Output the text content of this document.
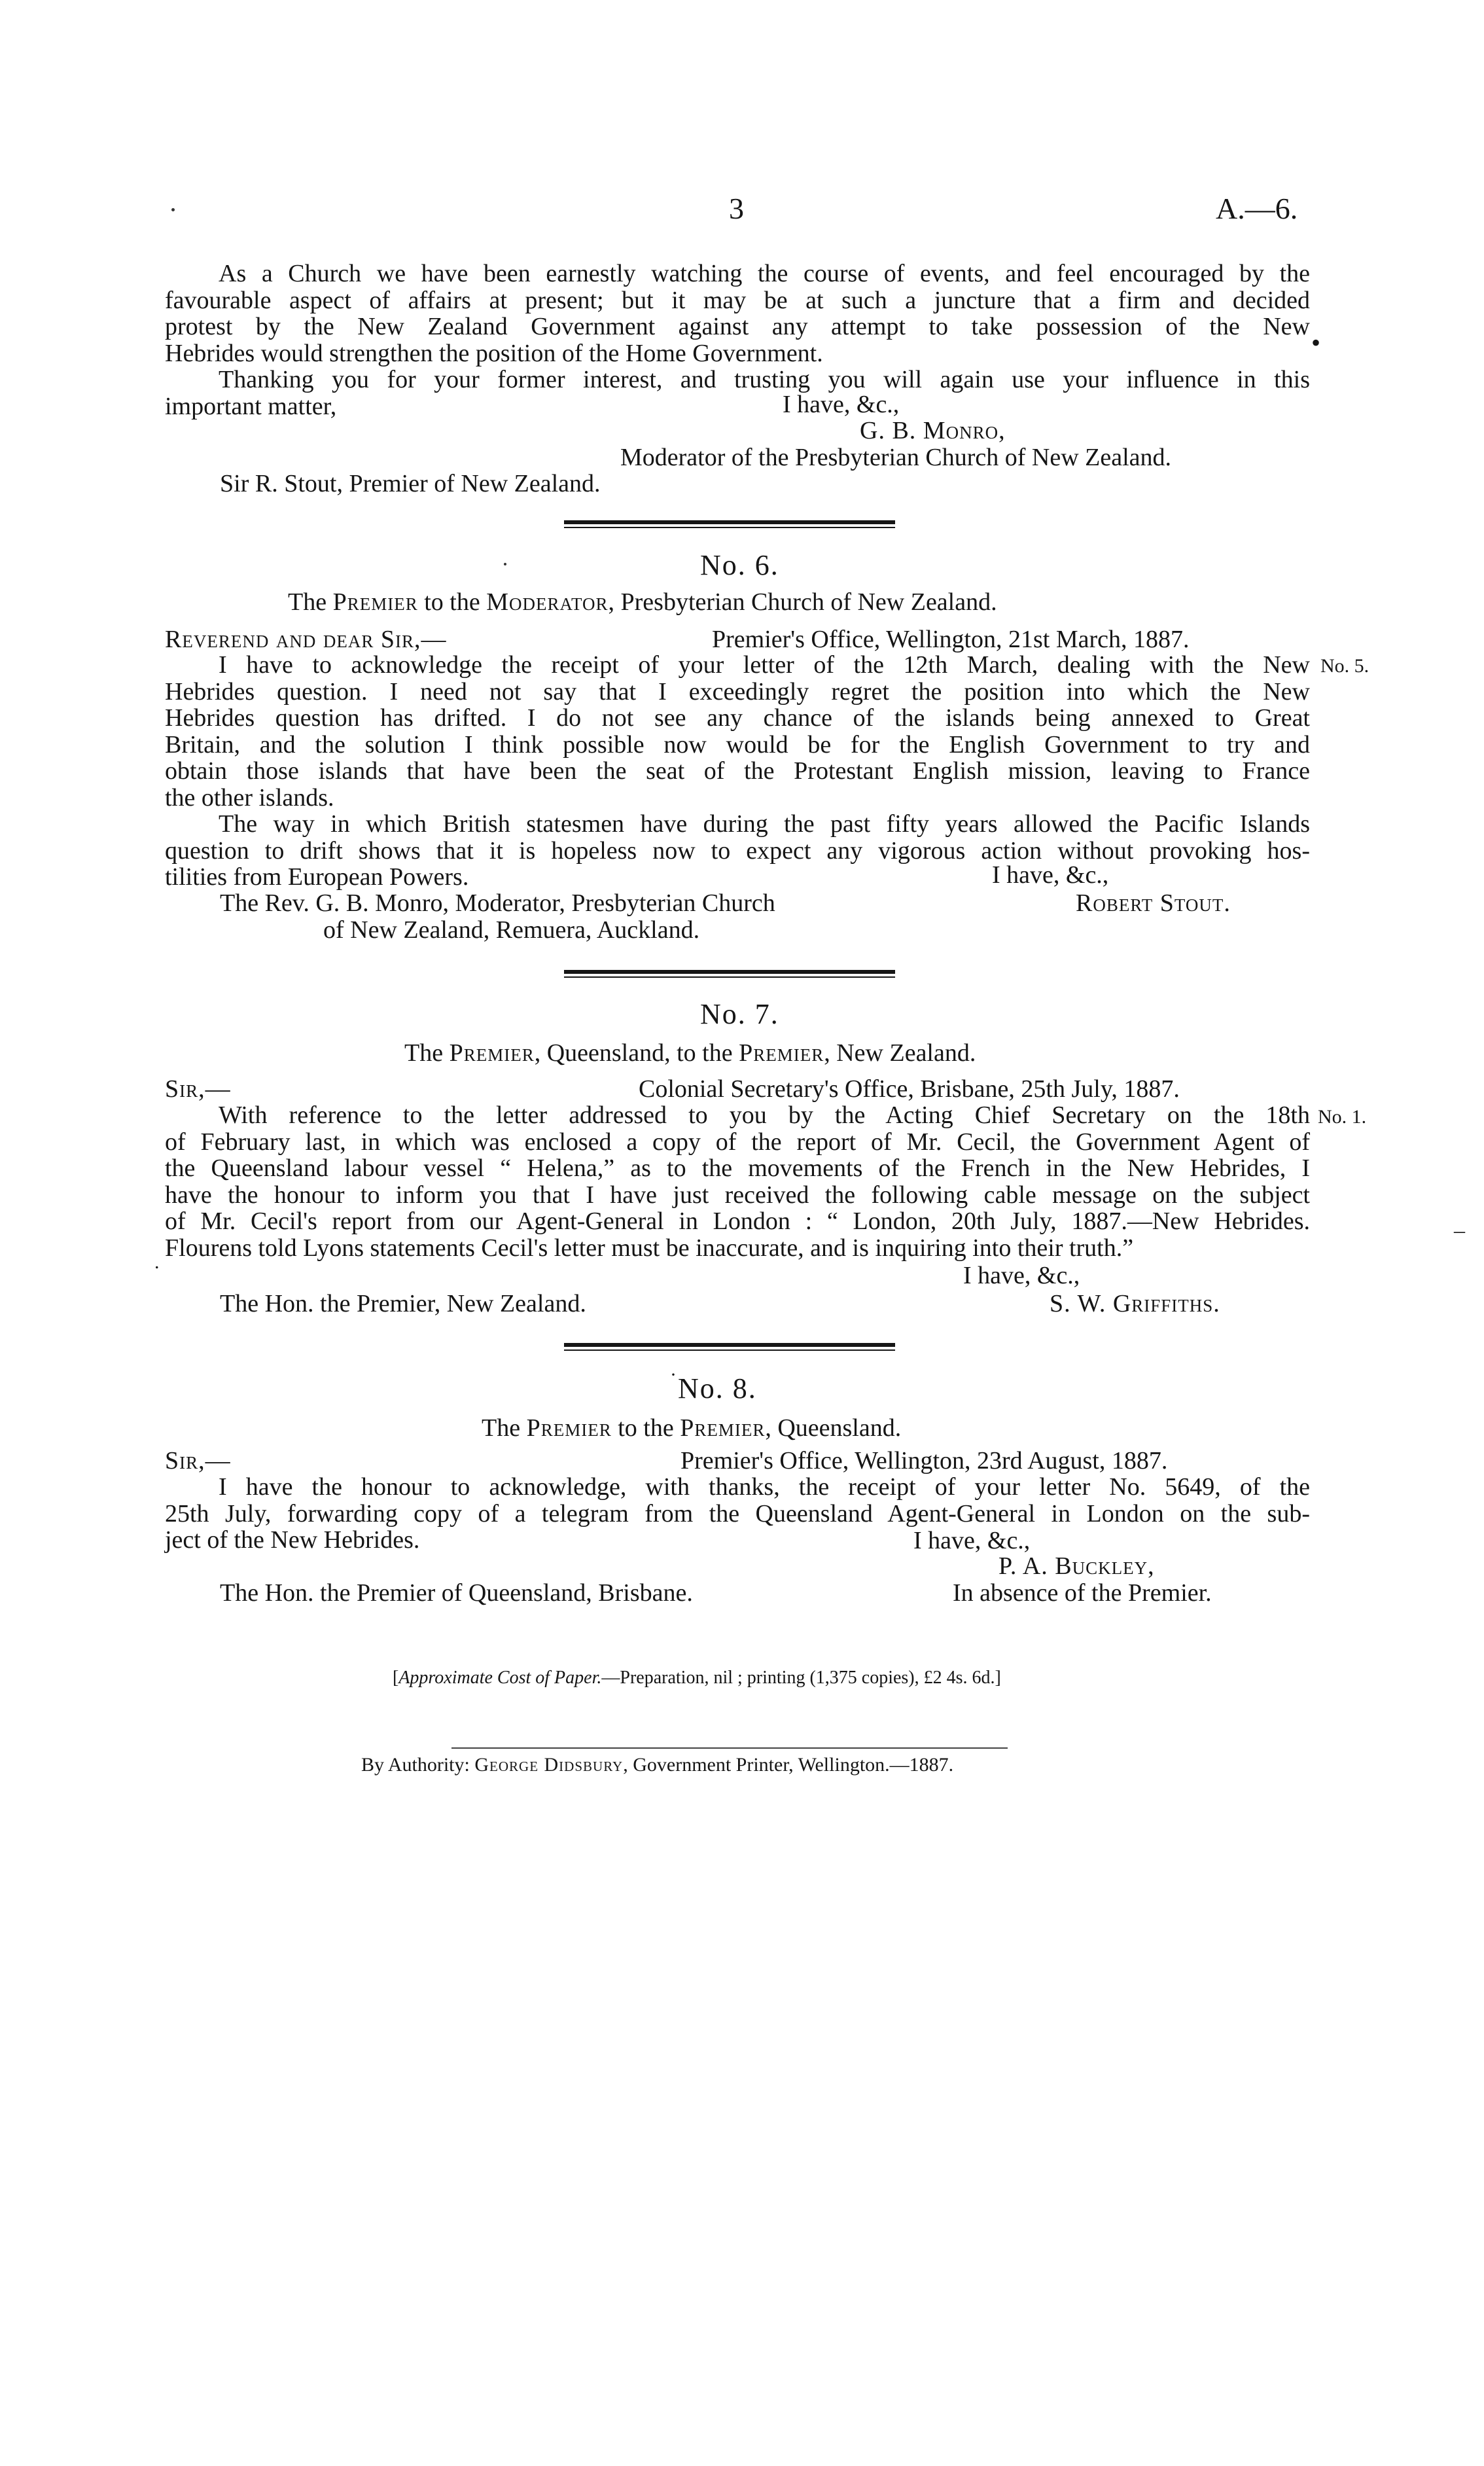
3	A.—6.

As a Church we have been earnestly watching the course of events, and feel encouraged by the

favourable aspect of affairs at present; but it may be at such a juncture that a firm and decided

protest by the New Zealand Government against any attempt to take possession of the New

Hebrides would strengthen the position of the Home Government.	•

Thanking you for your former interest, and trusting you will again use your influence in this

important matter,	I have, &c.,
G. B. Monro,
Moderator of the Presbyterian Church of New Zealand.
Sir R. Stout, Premier of New Zealand.
No. 6.
The Premier to the Moderator, Presbyterian Church of New Zealand.
Reverend and dear Sir,—	Premier's Office, Wellington, 21st March, 1887.
No. 5.

I have to acknowledge the receipt of your letter of the 12th March, dealing with the New

Hebrides question. I need not say that I exceedingly regret the position into which the New

Hebrides question has drifted. I do not see any chance of the islands being annexed to Great

Britain, and the solution I think possible now would be for the English Government to try and

obtain those islands that have been the seat of the Protestant English mission, leaving to France

the other islands.

The way in which British statesmen have during the past fifty years allowed the Pacific Islands

question to drift shows that it is hopeless now to expect any vigorous action without provoking hos-

tilities from European Powers.	I have, &c.,
The Rev. G. B. Monro, Moderator, Presbyterian Church	Robert Stout.
of New Zealand, Remuera, Auckland.
No. 7.
The Premier, Queensland, to the Premier, New Zealand.
Sir,—	Colonial Secretary's Office, Brisbane, 25th July, 1887.
No. 1.

With reference to the letter addressed to you by the Acting Chief Secretary on the 18th

of February last, in which was enclosed a copy of the report of Mr. Cecil, the Government Agent of

the Queensland labour vessel “ Helena,” as to the movements of the French in the New Hebrides, I

have the honour to inform you that I have just received the following cable message on the subject

of Mr. Cecil's report from our Agent-General in London : “ London, 20th July, 1887.—New Hebrides.

Flourens told Lyons statements Cecil's letter must be inaccurate, and is inquiring into their truth.”

–
.	I have, &c.,
The Hon. the Premier, New Zealand.	S. W. Griffiths.
· No. 8.
The Premier to the Premier, Queensland.
Sir,—	Premier's Office, Wellington, 23rd August, 1887.

I have the honour to acknowledge, with thanks, the receipt of your letter No. 5649, of the

25th July, forwarding copy of a telegram from the Queensland Agent-General in London on the sub-

ject of the New Hebrides.	I have, &c.,
P. A. Buckley,
The Hon. the Premier of Queensland, Brisbane.	In absence of the Premier.
[Approximate Cost of Paper.—Preparation, nil ; printing (1,375 copies), £2 4s. 6d.]
By Authority: George Didsbury, Government Printer, Wellington.—1887.
